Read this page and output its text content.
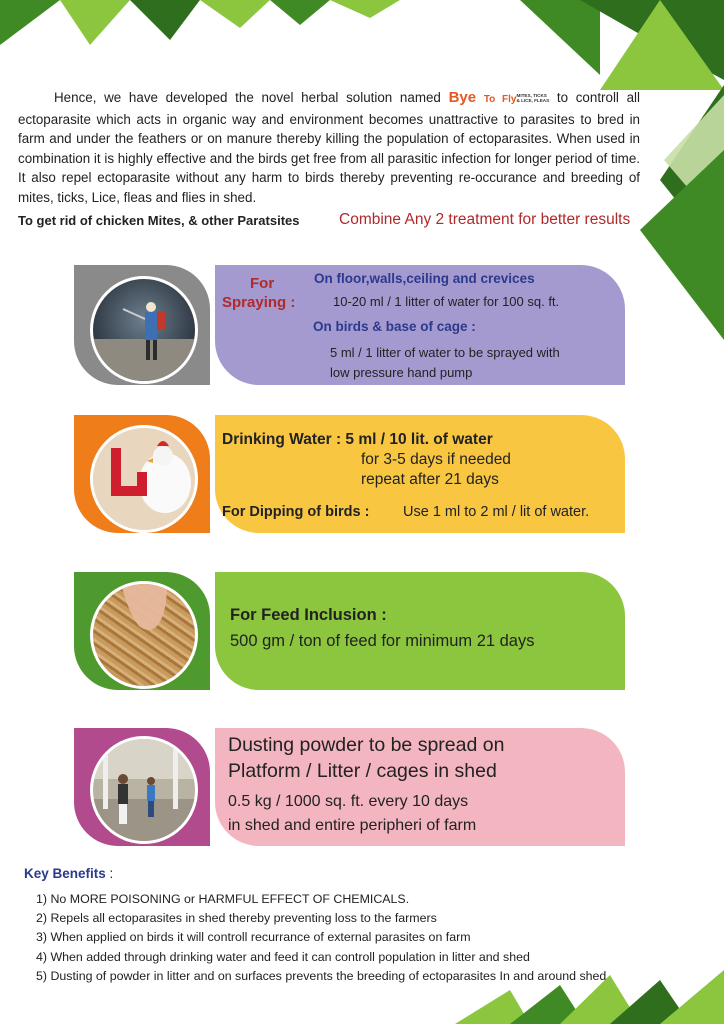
Hence, we have developed the novel herbal solution named Bye To FlyMITES, TICKS
& LICE, FLEAS to controll all ectoparasite which acts in organic way and environment becomes unattractive to parasites to bred in farm and under the feathers or on manure thereby killing the population of ectoparasites. When used in combination it is highly effective and the birds get free from all parasitic infection for longer period of time. It also repel ectoparasite without any harm to birds thereby preventing re-occurance and breeding of mites, ticks, Lice, fleas and flies in shed.
To get rid of chicken Mites, & other Paratsites	Combine Any 2 treatment for better results
For
Spraying :
On floor,walls,ceiling and crevices
10-20 ml / 1 litter of water for 100 sq. ft.
On birds & base of cage :
5 ml / 1 litter of water to be sprayed with
low pressure hand pump
Drinking Water : 5 ml / 10 lit. of water
for 3-5 days if needed
repeat after 21 days
For Dipping of birds : Use 1 ml to 2 ml / lit of water.
For Feed Inclusion :
500 gm / ton of feed for minimum 21 days
Dusting powder to be spread on
Platform / Litter / cages in shed
0.5 kg / 1000 sq. ft. every 10 days
in shed and entire peripheri of farm
Key Benefits :
1) No MORE POISONING or HARMFUL EFFECT OF CHEMICALS.
2) Repels all ectoparasites in shed thereby preventing loss to the farmers
3) When applied on birds it will controll recurrance of external parasites on farm
4) When added through drinking water and feed it can controll population in litter and shed
5) Dusting of powder in litter and on surfaces prevents the breeding of ectoparasites In and around shed
